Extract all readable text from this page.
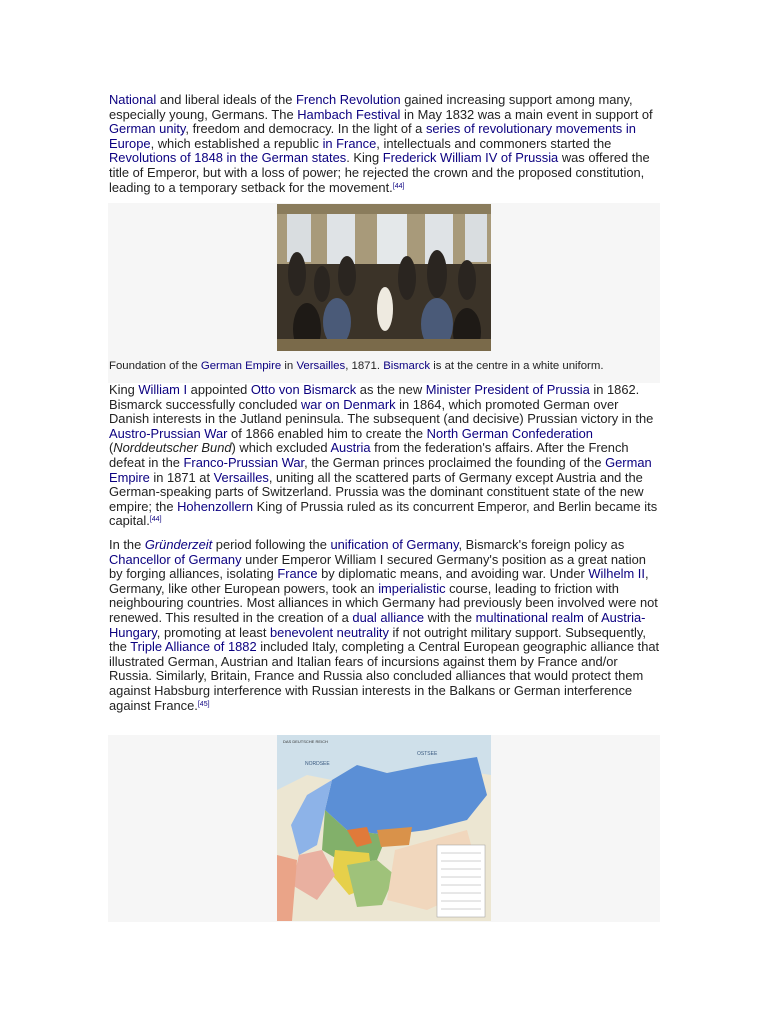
National and liberal ideals of the French Revolution gained increasing support among many, especially young, Germans. The Hambach Festival in May 1832 was a main event in support of German unity, freedom and democracy. In the light of a series of revolutionary movements in Europe, which established a republic in France, intellectuals and commoners started the Revolutions of 1848 in the German states. King Frederick William IV of Prussia was offered the title of Emperor, but with a loss of power; he rejected the crown and the proposed constitution, leading to a temporary setback for the movement.[44]

Foundation of the German Empire in Versailles, 1871. Bismarck is at the centre in a white uniform.

King William I appointed Otto von Bismarck as the new Minister President of Prussia in 1862. Bismarck successfully concluded war on Denmark in 1864, which promoted German over Danish interests in the Jutland peninsula. The subsequent (and decisive) Prussian victory in the Austro-Prussian War of 1866 enabled him to create the North German Confederation (Norddeutscher Bund) which excluded Austria from the federation's affairs. After the French defeat in the Franco-Prussian War, the German princes proclaimed the founding of the German Empire in 1871 at Versailles, uniting all the scattered parts of Germany except Austria and the German-speaking parts of Switzerland. Prussia was the dominant constituent state of the new empire; the Hohenzollern King of Prussia ruled as its concurrent Emperor, and Berlin became its capital.[44]

In the Gründerzeit period following the unification of Germany, Bismarck's foreign policy as Chancellor of Germany under Emperor William I secured Germany's position as a great nation by forging alliances, isolating France by diplomatic means, and avoiding war. Under Wilhelm II, Germany, like other European powers, took an imperialistic course, leading to friction with neighbouring countries. Most alliances in which Germany had previously been involved were not renewed. This resulted in the creation of a dual alliance with the multinational realm of Austria-Hungary, promoting at least benevolent neutrality if not outright military support. Subsequently, the Triple Alliance of 1882 included Italy, completing a Central European geographic alliance that illustrated German, Austrian and Italian fears of incursions against them by France and/or Russia. Similarly, Britain, France and Russia also concluded alliances that would protect them against Habsburg interference with Russian interests in the Balkans or German interference against France.[45]

DAS DEUTSCHE REICH
NORDSEE
OSTSEE
